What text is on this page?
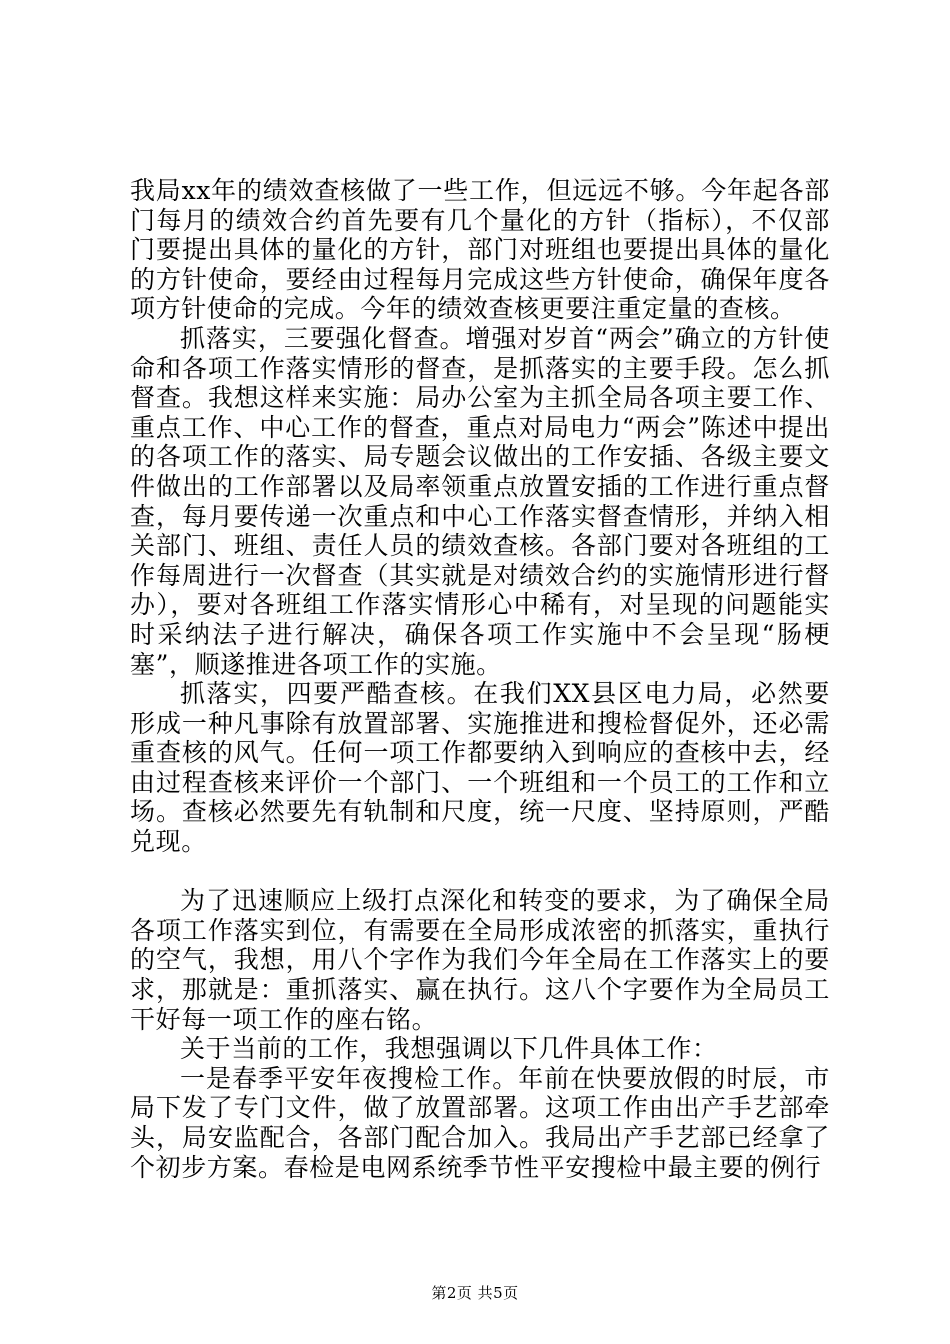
我局xx年的绩效查核做了一些工作，但远远不够。今年起各部门每月的绩效合约首先要有几个量化的方针（指标），不仅部门要提出具体的量化的方针，部门对班组也要提出具体的量化的方针使命，要经由过程每月完成这些方针使命，确保年度各项方针使命的完成。今年的绩效查核更要注重定量的查核。

抓落实，三要强化督查。增强对岁首“两会”确立的方针使命和各项工作落实情形的督查，是抓落实的主要手段。怎么抓督查。我想这样来实施：局办公室为主抓全局各项主要工作、重点工作、中心工作的督查，重点对局电力“两会”陈述中提出的各项工作的落实、局专题会议做出的工作安插、各级主要文件做出的工作部署以及局率领重点放置安插的工作进行重点督查，每月要传递一次重点和中心工作落实督查情形，并纳入相关部门、班组、责任人员的绩效查核。各部门要对各班组的工作每周进行一次督查（其实就是对绩效合约的实施情形进行督办），要对各班组工作落实情形心中稀有，对呈现的问题能实时采纳法子进行解决，确保各项工作实施中不会呈现“肠梗塞”，顺遂推进各项工作的实施。

抓落实，四要严酷查核。在我们XX县区电力局，必然要形成一种凡事除有放置部署、实施推进和搜检督促外，还必需重查核的风气。任何一项工作都要纳入到响应的查核中去，经由过程查核来评价一个部门、一个班组和一个员工的工作和立场。查核必然要先有轨制和尺度，统一尺度、坚持原则，严酷兑现。

为了迅速顺应上级打点深化和转变的要求，为了确保全局各项工作落实到位，有需要在全局形成浓密的抓落实，重执行的空气，我想，用八个字作为我们今年全局在工作落实上的要求，那就是：重抓落实、赢在执行。这八个字要作为全局员工干好每一项工作的座右铭。

关于当前的工作，我想强调以下几件具体工作：

一是春季平安年夜搜检工作。年前在快要放假的时辰，市局下发了专门文件，做了放置部署。这项工作由出产手艺部牵头，局安监配合，各部门配合加入。我局出产手艺部已经拿了个初步方案。春检是电网系统季节性平安搜检中最主要的例行

第2页 共5页
